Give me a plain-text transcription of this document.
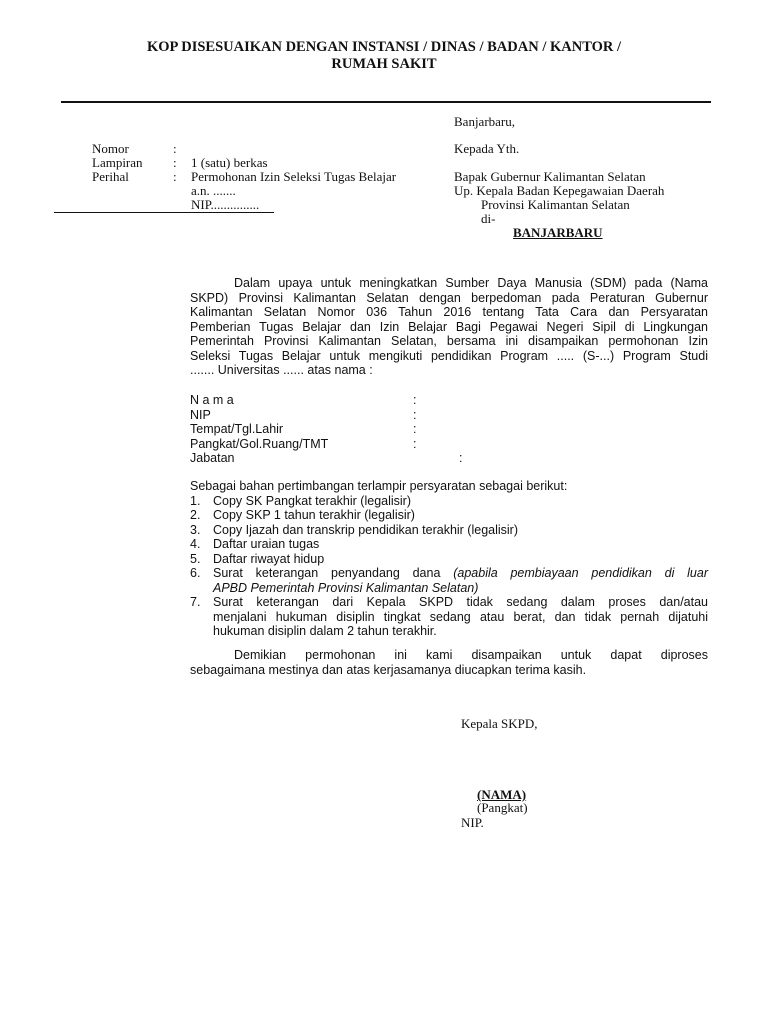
KOP DISESUAIKAN DENGAN INSTANSI / DINAS / BADAN / KANTOR /
RUMAH SAKIT
Banjarbaru,
Nomor	:
Lampiran : 1 (satu) berkas
Perihal	: Permohonan Izin Seleksi Tugas Belajar
a.n. .......
NIP...............
Kepada Yth.
Bapak Gubernur Kalimantan Selatan
Up. Kepala Badan Kepegawaian Daerah
Provinsi Kalimantan Selatan
di-
BANJARBARU
Dalam upaya untuk meningkatkan Sumber Daya Manusia (SDM) pada (Nama
SKPD) Provinsi Kalimantan Selatan dengan berpedoman pada Peraturan Gubernur
Kalimantan Selatan Nomor 036 Tahun 2016 tentang Tata Cara dan Persyaratan
Pemberian Tugas Belajar dan Izin Belajar Bagi Pegawai Negeri Sipil di Lingkungan
Pemerintah Provinsi Kalimantan Selatan, bersama ini disampaikan permohonan Izin
Seleksi Tugas Belajar untuk mengikuti pendidikan Program ..... (S-...) Program Studi
....... Universitas ...... atas nama :
N a m a	:
NIP	:
Tempat/Tgl.Lahir	:
Pangkat/Gol.Ruang/TMT	:
Jabatan	:
Sebagai bahan pertimbangan terlampir persyaratan sebagai berikut:
1. Copy SK Pangkat terakhir (legalisir)
2. Copy SKP 1 tahun terakhir (legalisir)
3. Copy Ijazah dan transkrip pendidikan terakhir (legalisir)
4. Daftar uraian tugas
5. Daftar riwayat hidup
6. Surat keterangan penyandang dana (apabila pembiayaan pendidikan di luar
APBD Pemerintah Provinsi Kalimantan Selatan)
7. Surat keterangan dari Kepala SKPD tidak sedang dalam proses dan/atau
menjalani hukuman disiplin tingkat sedang atau berat, dan tidak pernah dijatuhi
hukuman disiplin dalam 2 tahun terakhir.
Demikian permohonan ini kami disampaikan untuk dapat diproses
sebagaimana mestinya dan atas kerjasamanya diucapkan terima kasih.
Kepala SKPD,
(NAMA)
(Pangkat)
NIP.
